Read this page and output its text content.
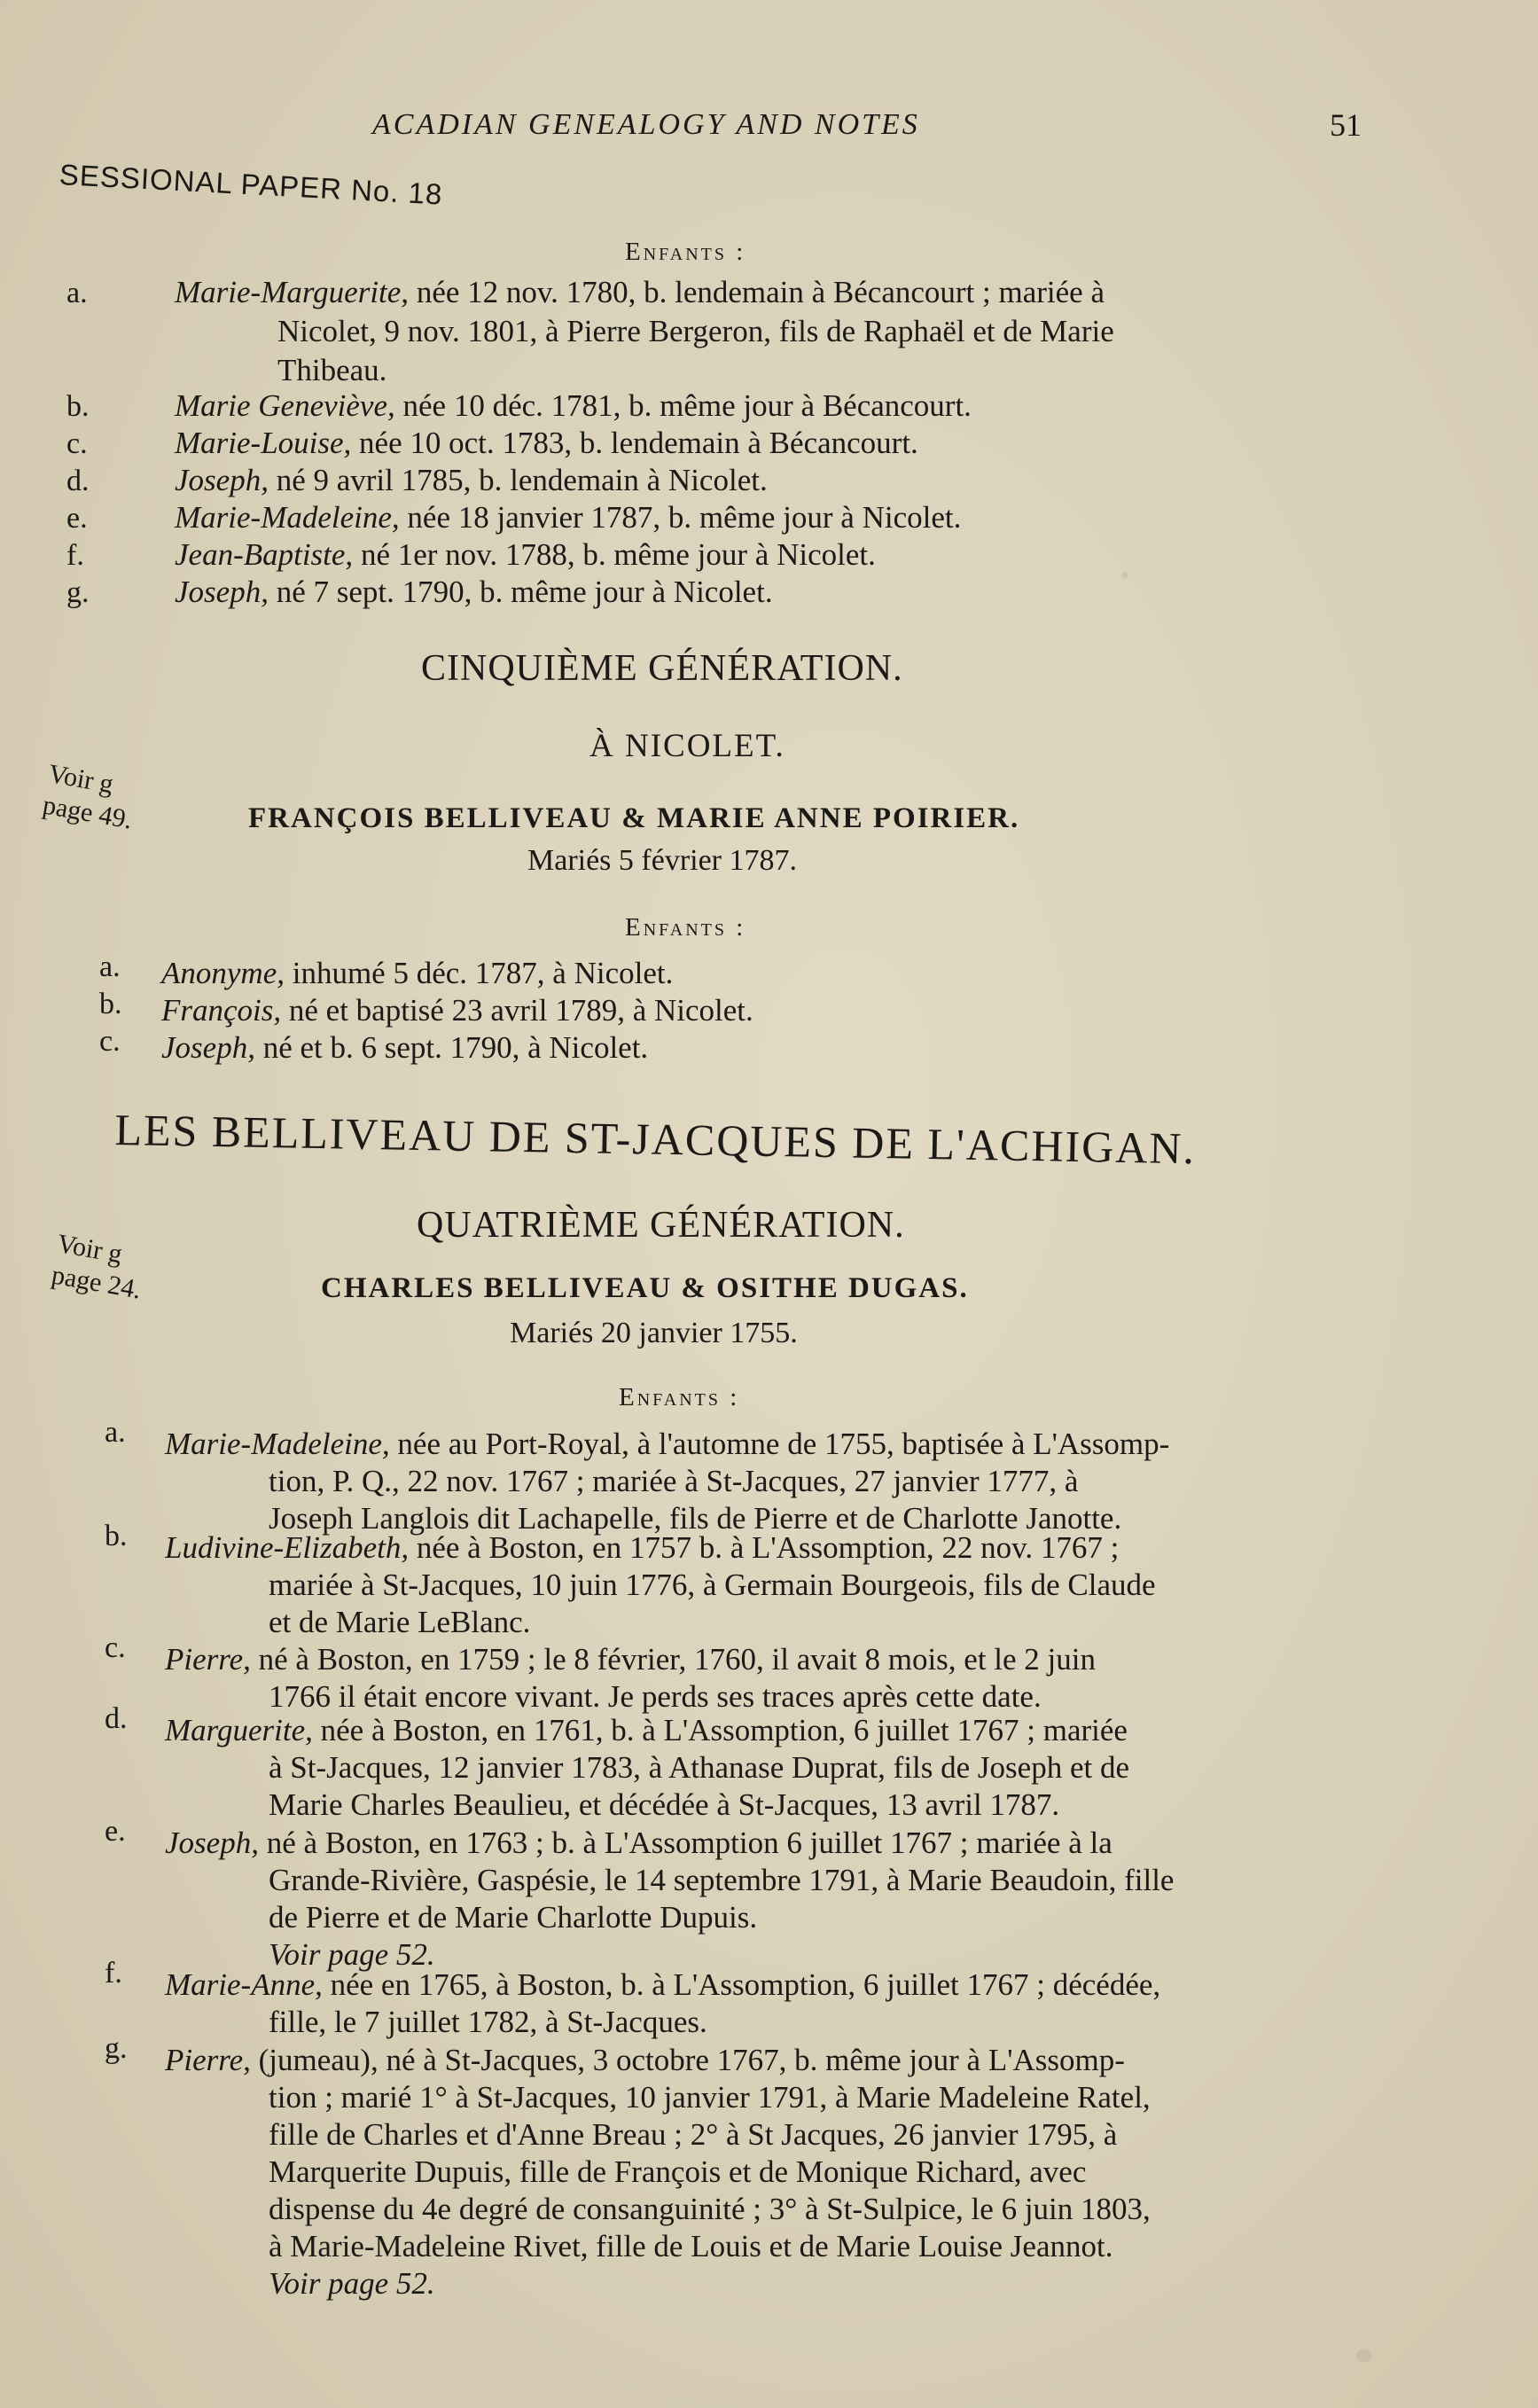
ACADIAN GENEALOGY AND NOTES	51
SESSIONAL PAPER No. 18
Enfants :
a.	Marie-Marguerite, née 12 nov. 1780, b. lendemain à Bécancourt ; mariée à
Nicolet, 9 nov. 1801, à Pierre Bergeron, fils de Raphaël et de Marie
Thibeau.
b.	Marie Geneviève, née 10 déc. 1781, b. même jour à Bécancourt.
c.	Marie-Louise, née 10 oct. 1783, b. lendemain à Bécancourt.
d.	Joseph, né 9 avril 1785, b. lendemain à Nicolet.
e.	Marie-Madeleine, née 18 janvier 1787, b. même jour à Nicolet.
f.	Jean-Baptiste, né 1er nov. 1788, b. même jour à Nicolet.
g.	Joseph, né 7 sept. 1790, b. même jour à Nicolet.
CINQUIÈME GÉNÉRATION.
À NICOLET.
Voir g page 49.	FRANÇOIS BELLIVEAU & MARIE ANNE POIRIER.
Mariés 5 février 1787.
Enfants :
a. Anonyme, inhumé 5 déc. 1787, à Nicolet.
b. François, né et baptisé 23 avril 1789, à Nicolet.
c. Joseph, né et b. 6 sept. 1790, à Nicolet.
LES BELLIVEAU DE ST-JACQUES DE L'ACHIGAN.
QUATRIÈME GÉNÉRATION.
Voir g page 24.	CHARLES BELLIVEAU & OSITHE DUGAS.
Mariés 20 janvier 1755.
Enfants :
a. Marie-Madeleine, née au Port-Royal, à l'automne de 1755, baptisée à L'Assomp-
tion, P. Q., 22 nov. 1767 ; mariée à St-Jacques, 27 janvier 1777, à
Joseph Langlois dit Lachapelle, fils de Pierre et de Charlotte Janotte.
b. Ludivine-Elizabeth, née à Boston, en 1757 b. à L'Assomption, 22 nov. 1767 ;
mariée à St-Jacques, 10 juin 1776, à Germain Bourgeois, fils de Claude
et de Marie LeBlanc.
c. Pierre, né à Boston, en 1759 ; le 8 février, 1760, il avait 8 mois, et le 2 juin
1766 il était encore vivant. Je perds ses traces après cette date.
d. Marguerite, née à Boston, en 1761, b. à L'Assomption, 6 juillet 1767 ; mariée
à St-Jacques, 12 janvier 1783, à Athanase Duprat, fils de Joseph et de
Marie Charles Beaulieu, et décédée à St-Jacques, 13 avril 1787.
e. Joseph, né à Boston, en 1763 ; b. à L'Assomption 6 juillet 1767 ; mariée à la
Grande-Rivière, Gaspésie, le 14 septembre 1791, à Marie Beaudoin, fille
de Pierre et de Marie Charlotte Dupuis.
Voir page 52.
f. Marie-Anne, née en 1765, à Boston, b. à L'Assomption, 6 juillet 1767 ; décédée,
fille, le 7 juillet 1782, à St-Jacques.
g. Pierre, (jumeau), né à St-Jacques, 3 octobre 1767, b. même jour à L'Assomp-
tion ; marié 1° à St-Jacques, 10 janvier 1791, à Marie Madeleine Ratel,
fille de Charles et d'Anne Breau ; 2° à St Jacques, 26 janvier 1795, à
Marquerite Dupuis, fille de François et de Monique Richard, avec
dispense du 4e degré de consanguinité ; 3° à St-Sulpice, le 6 juin 1803,
à Marie-Madeleine Rivet, fille de Louis et de Marie Louise Jeannot.
Voir page 52.
